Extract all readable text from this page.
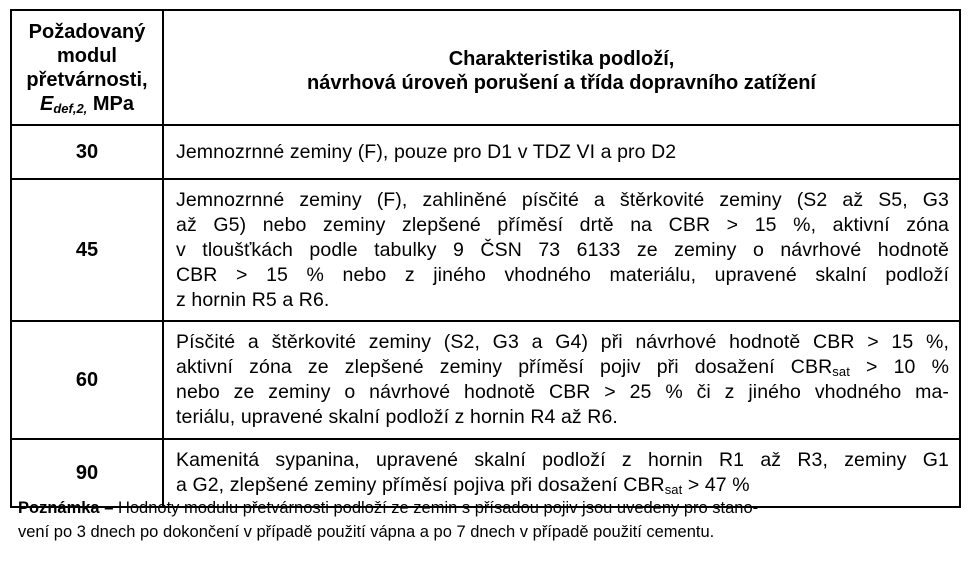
Požadovaný
modul
přetvárnosti,
$E_{def,2,}$ MPa	Charakteristika podloží,
návrhová úroveň porušení a třída dopravního zatížení

30	Jemnozrnné zeminy (F), pouze pro D1 v TDZ VI a pro D2

45	Jemnozrnné zeminy (F), zahliněné písčité a štěrkovité zeminy (S2 až S5, G3
až G5) nebo zeminy zlepšené příměsí drtě na CBR > 15 %, aktivní zóna
v tloušťkách podle tabulky 9 ČSN 73 6133 ze zeminy o návrhové hodnotě
CBR > 15 % nebo z jiného vhodného materiálu, upravené skalní podloží
z hornin R5 a R6.

60	Písčité a štěrkovité zeminy (S2, G3 a G4) při návrhové hodnotě CBR > 15 %,
aktivní zóna ze zlepšené zeminy příměsí pojiv při dosažení $CBR_{sat} > 10$ %
nebo ze zeminy o návrhové hodnotě CBR > 25 % či z jiného vhodného ma-
teriálu, upravené skalní podloží z hornin R4 až R6.

90	Kamenitá sypanina, upravené skalní podloží z hornin R1 až R3, zeminy G1
a G2, zlepšené zeminy příměsí pojiva při dosažení $CBR_{sat} > 47$ %
Poznámka – Hodnoty modulu přetvárnosti podloží ze zemin s přísadou pojiv jsou uvedeny pro stano-
vení po 3 dnech po dokončení v případě použití vápna a po 7 dnech v případě použití cementu.
